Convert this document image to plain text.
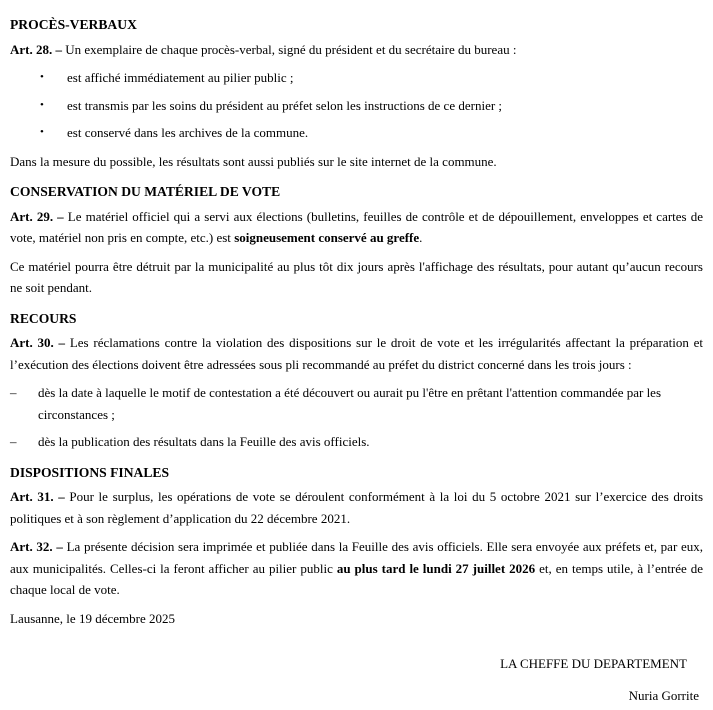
PROCÈS-VERBAUX

Art. 28. – Un exemplaire de chaque procès-verbal, signé du président et du secrétaire du bureau :

•	est affiché immédiatement au pilier public ;
•	est transmis par les soins du président au préfet selon les instructions de ce dernier ;
•	est conservé dans les archives de la commune.

Dans la mesure du possible, les résultats sont aussi publiés sur le site internet de la commune.

CONSERVATION DU MATÉRIEL DE VOTE

Art. 29. – Le matériel officiel qui a servi aux élections (bulletins, feuilles de contrôle et de dépouillement, enveloppes et cartes de vote, matériel non pris en compte, etc.) est soigneusement conservé au greffe.

Ce matériel pourra être détruit par la municipalité au plus tôt dix jours après l'affichage des résultats, pour autant qu’aucun recours ne soit pendant.

RECOURS

Art. 30. – Les réclamations contre la violation des dispositions sur le droit de vote et les irrégularités affectant la préparation et l’exécution des élections doivent être adressées sous pli recommandé au préfet du district concerné dans les trois jours :

–	dès la date à laquelle le motif de contestation a été découvert ou aurait pu l'être en prêtant l'attention commandée par les circonstances ;
–	dès la publication des résultats dans la Feuille des avis officiels.
DISPOSITIONS FINALES

Art. 31. – Pour le surplus, les opérations de vote se déroulent conformément à la loi du 5 octobre 2021 sur l’exercice des droits politiques et à son règlement d’application du 22 décembre 2021.

Art. 32. – La présente décision sera imprimée et publiée dans la Feuille des avis officiels. Elle sera envoyée aux préfets et, par eux, aux municipalités. Celles-ci la feront afficher au pilier public au plus tard le lundi 27 juillet 2026 et, en temps utile, à l’entrée de chaque local de vote.

Lausanne, le 19 décembre 2025

LA CHEFFE DU DEPARTEMENT

Nuria Gorrite
